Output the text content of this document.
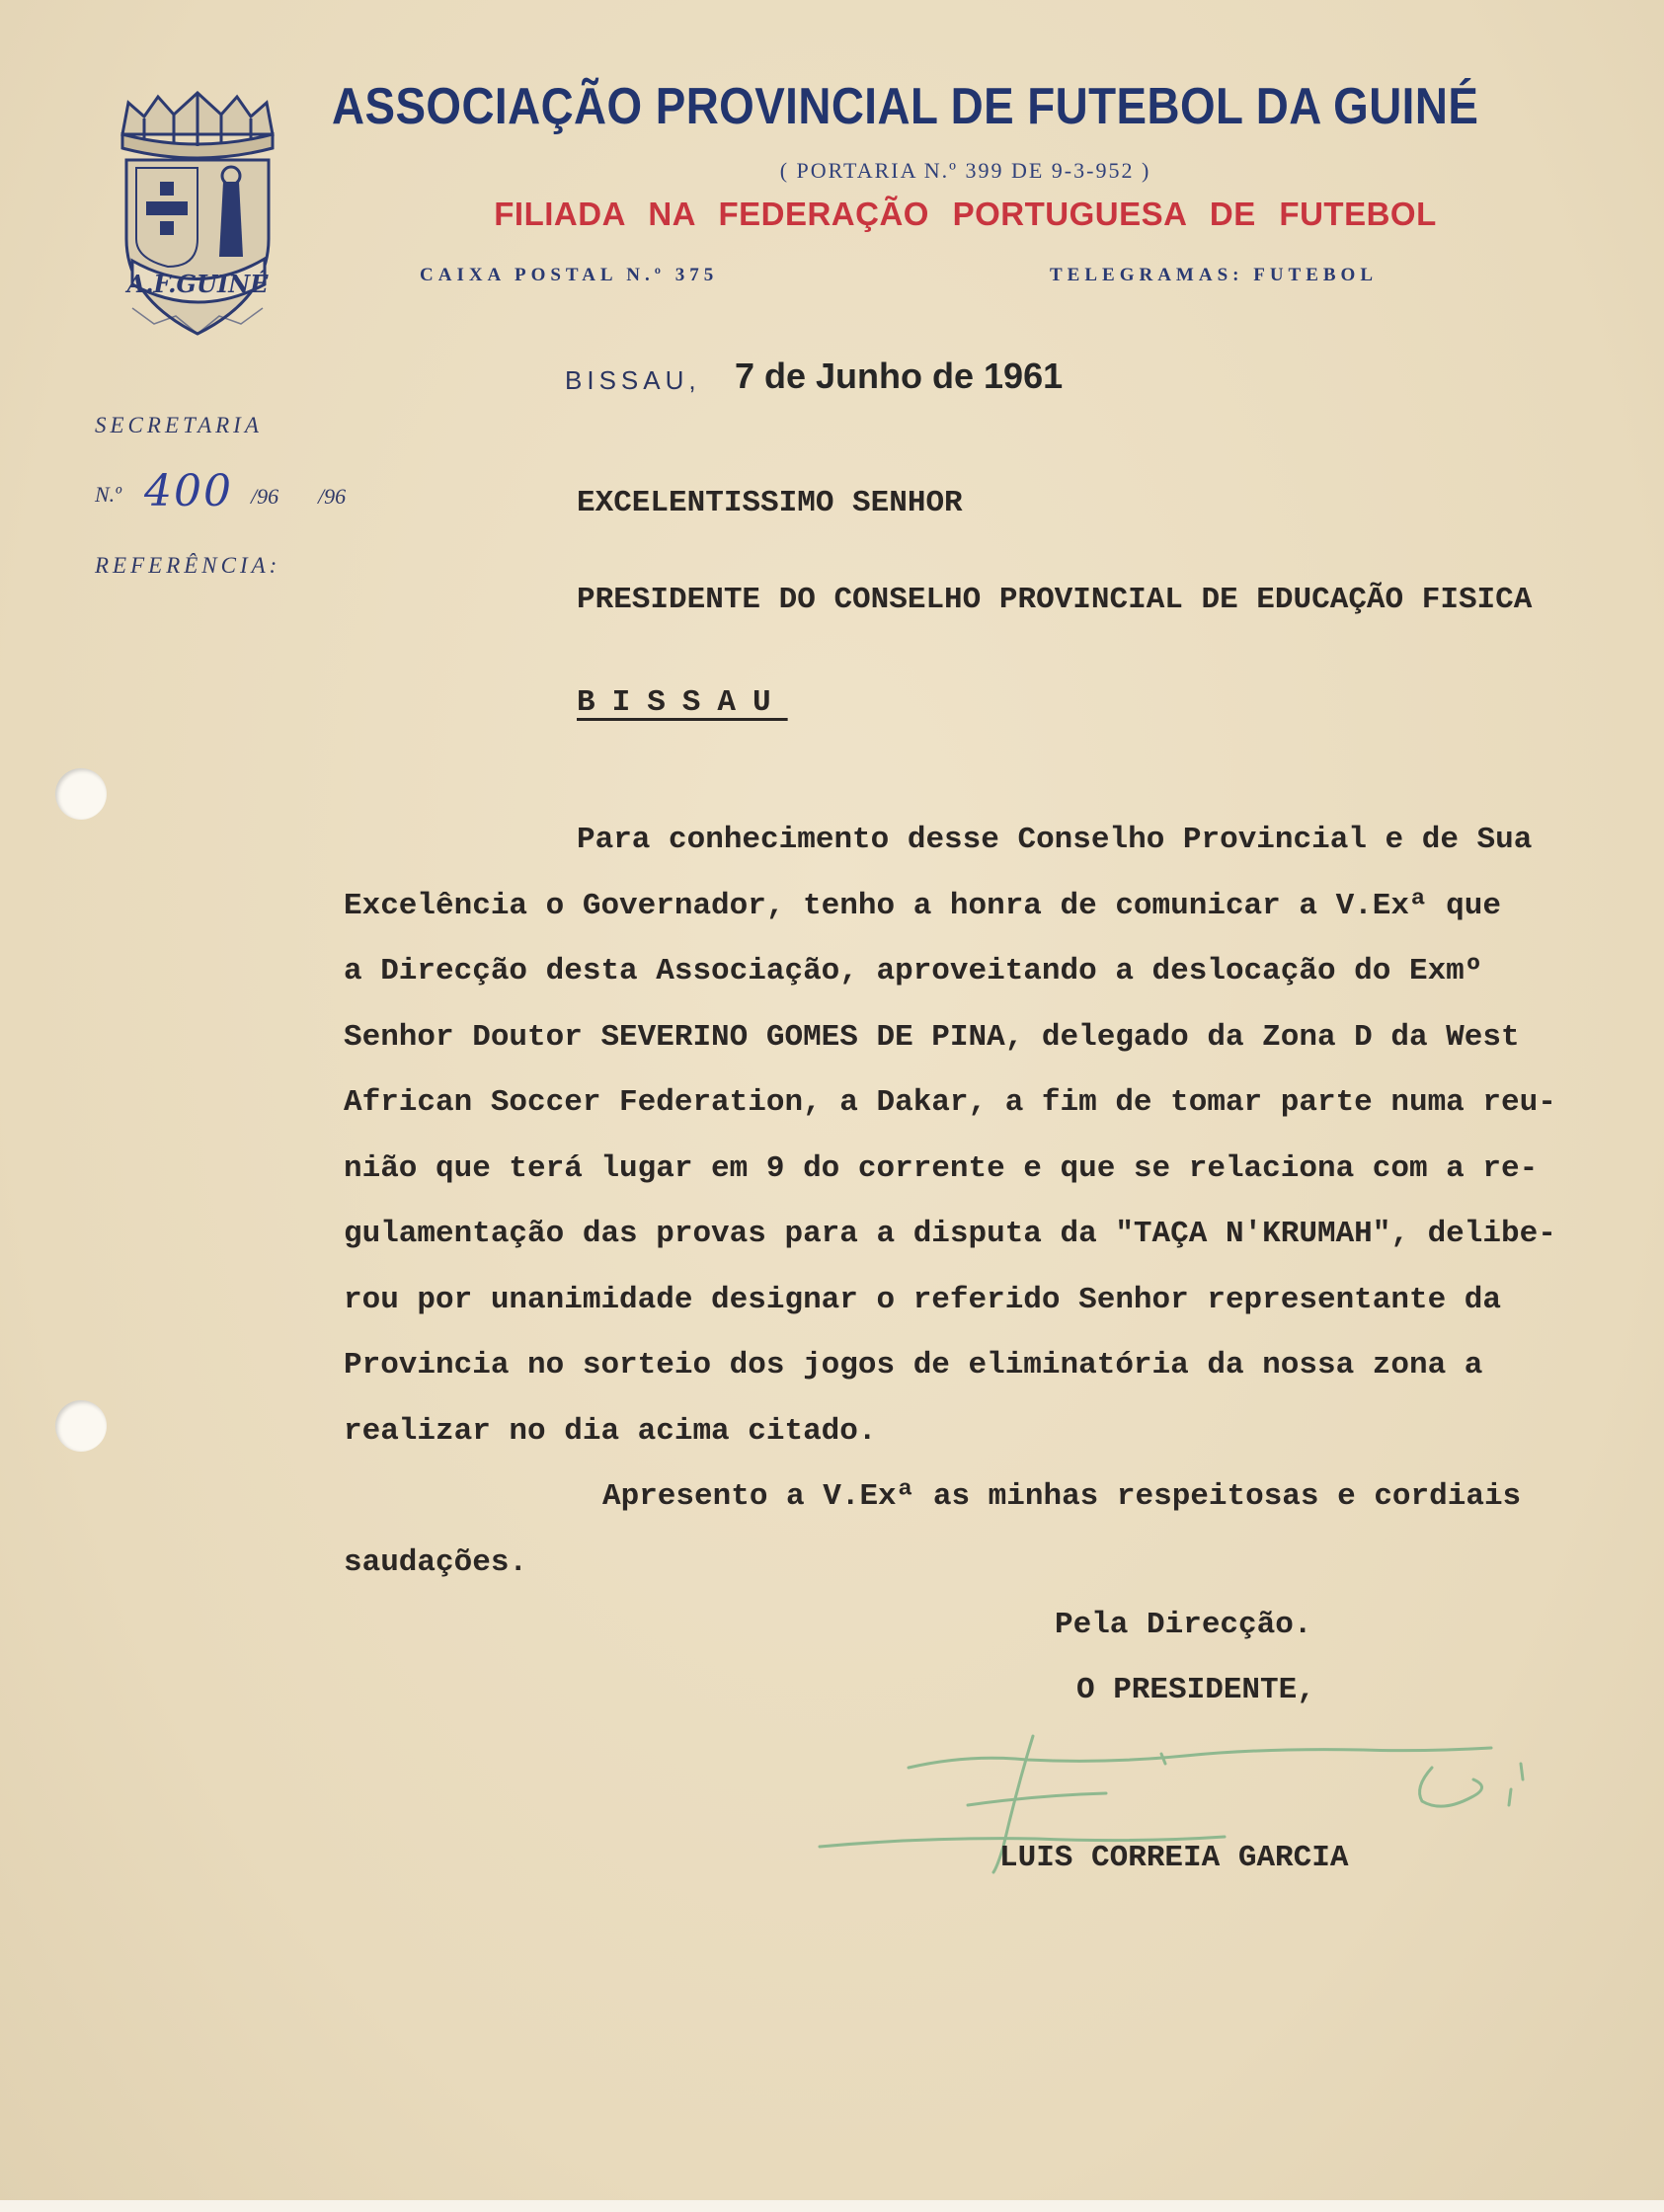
A.F.GUINÉ
ASSOCIAÇÃO PROVINCIAL DE FUTEBOL DA GUINÉ
( PORTARIA N.º 399 DE 9-3-952 )
FILIADA NA FEDERAÇÃO PORTUGUESA DE FUTEBOL
CAIXA POSTAL N.º 375	TELEGRAMAS: FUTEBOL
BISSAU, 7 de Junho de 1961
SECRETARIA
N.º 400 /96 /96
REFERÊNCIA:
EXCELENTISSIMO SENHOR
PRESIDENTE DO CONSELHO PROVINCIAL DE EDUCAÇÃO FISICA
BISSAU

Para conhecimento desse Conselho Provincial e de Sua

Excelência o Governador, tenho a honra de comunicar a V.Exª que

a Direcção desta Associação, aproveitando a deslocação do Exmº

Senhor Doutor SEVERINO GOMES DE PINA, delegado da Zona D da West

African Soccer Federation, a Dakar, a fim de tomar parte numa reu-

nião que terá lugar em 9 do corrente e que se relaciona com a re-

gulamentação das provas para a disputa da "TAÇA N'KRUMAH", delibe-

rou por unanimidade designar o referido Senhor representante da

Provincia no sorteio dos jogos de eliminatória da nossa zona a

realizar no dia acima citado.

Apresento a V.Exª as minhas respeitosas e cordiais

saudações.

Pela Direcção.
O PRESIDENTE,
LUIS CORREIA GARCIA
